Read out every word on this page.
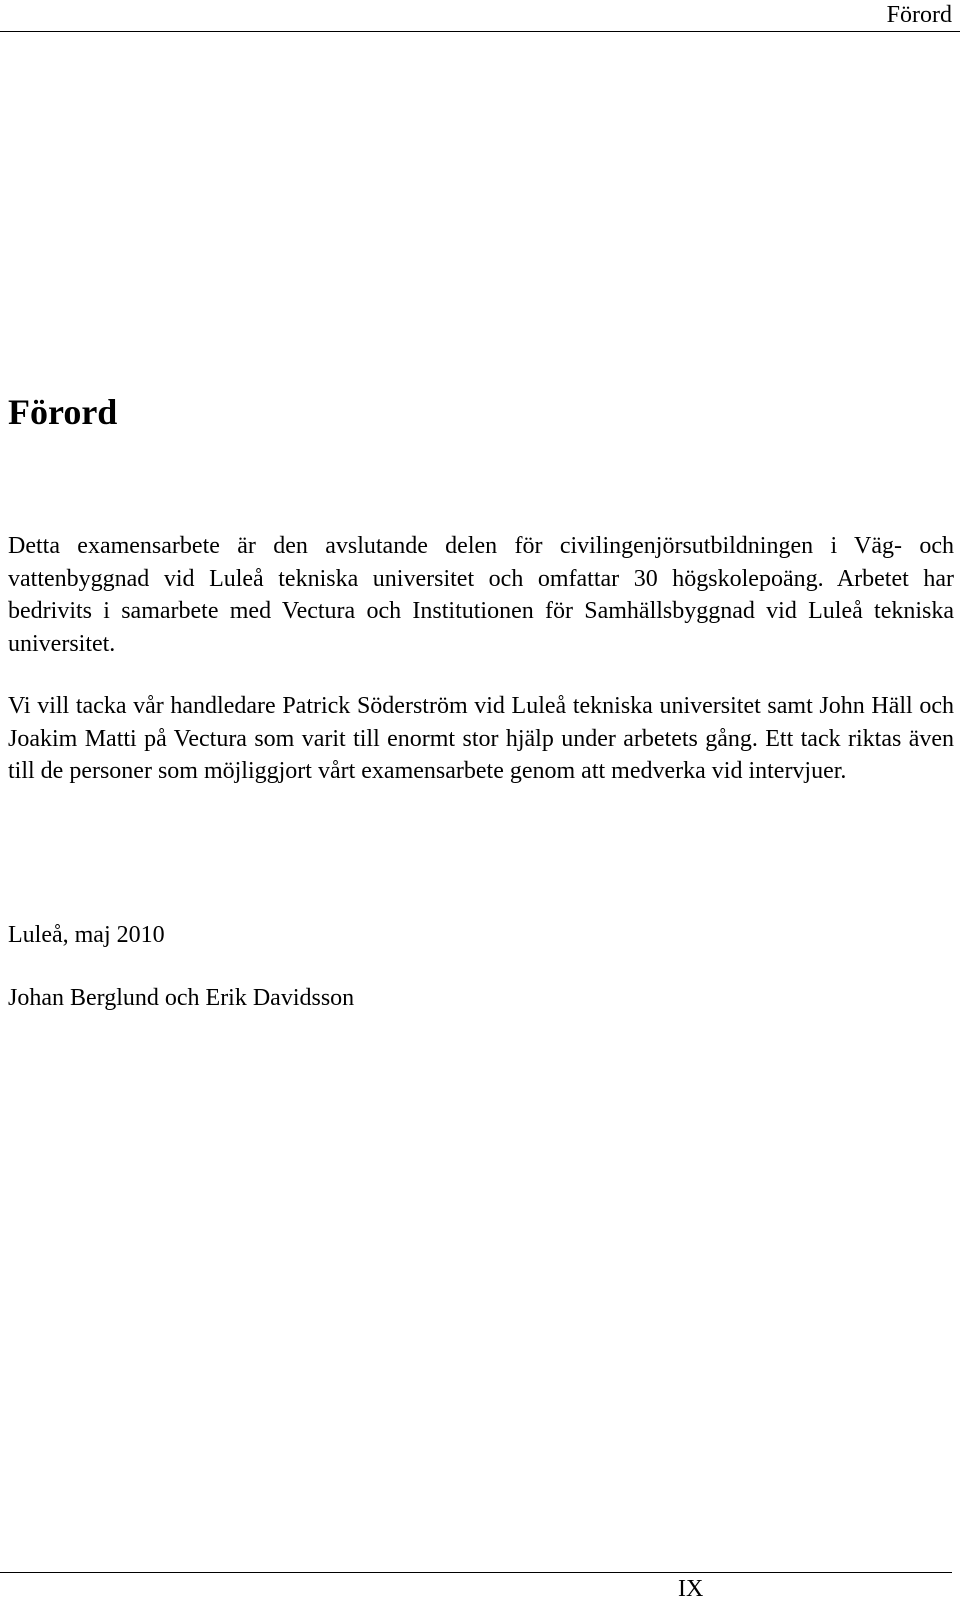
Förord
Förord

Detta examensarbete är den avslutande delen för civilingenjörsutbildningen i Väg- och vattenbyggnad vid Luleå tekniska universitet och omfattar 30 högskolepoäng. Arbetet har bedrivits i samarbete med Vectura och Institutionen för Samhällsbyggnad vid Luleå tekniska universitet.

Vi vill tacka vår handledare Patrick Söderström vid Luleå tekniska universitet samt John Häll och Joakim Matti på Vectura som varit till enormt stor hjälp under arbetets gång. Ett tack riktas även till de personer som möjliggjort vårt examensarbete genom att medverka vid intervjuer.

Luleå, maj 2010

Johan Berglund och Erik Davidsson

IX
